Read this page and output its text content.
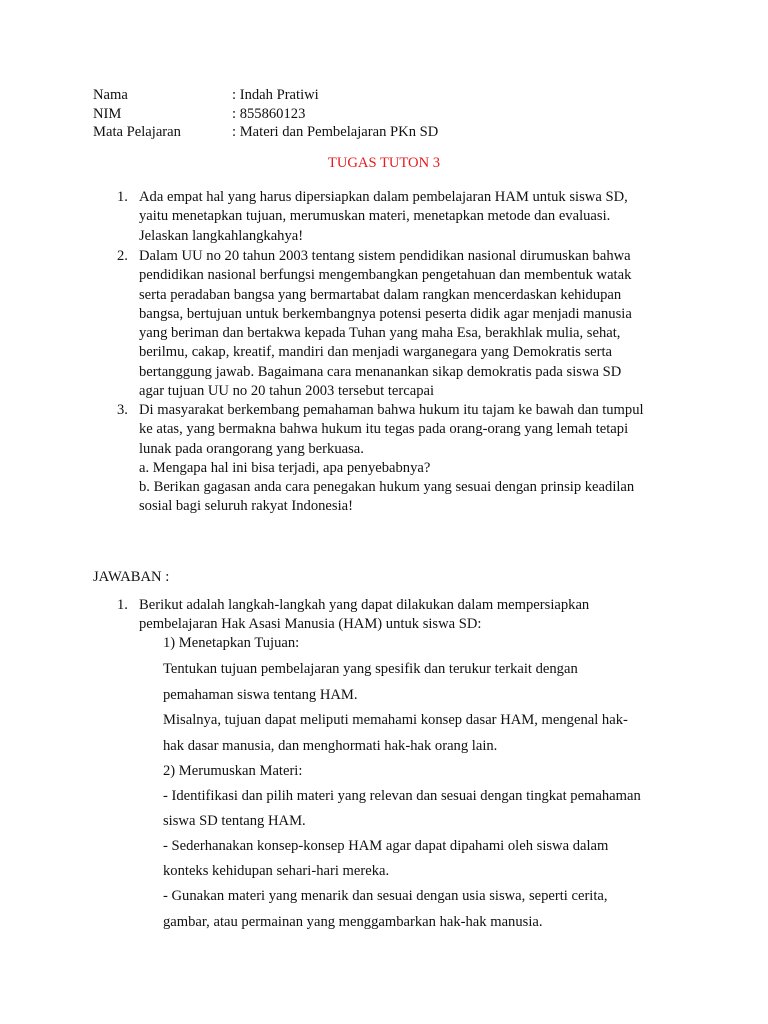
Nama	: Indah Pratiwi
NIM	: 855860123
Mata Pelajaran	: Materi dan Pembelajaran PKn SD
TUGAS TUTON 3
1. Ada empat hal yang harus dipersiapkan dalam pembelajaran HAM untuk siswa SD,
yaitu menetapkan tujuan, merumuskan materi, menetapkan metode dan evaluasi.
Jelaskan langkahlangkahya!
2. Dalam UU no 20 tahun 2003 tentang sistem pendidikan nasional dirumuskan bahwa
pendidikan nasional berfungsi mengembangkan pengetahuan dan membentuk watak
serta peradaban bangsa yang bermartabat dalam rangkan mencerdaskan kehidupan
bangsa, bertujuan untuk berkembangnya potensi peserta didik agar menjadi manusia
yang beriman dan bertakwa kepada Tuhan yang maha Esa, berakhlak mulia, sehat,
berilmu, cakap, kreatif, mandiri dan menjadi warganegara yang Demokratis serta
bertanggung jawab. Bagaimana cara menanankan sikap demokratis pada siswa SD
agar tujuan UU no 20 tahun 2003 tersebut tercapai
3. Di masyarakat berkembang pemahaman bahwa hukum itu tajam ke bawah dan tumpul
ke atas, yang bermakna bahwa hukum itu tegas pada orang-orang yang lemah tetapi
lunak pada orangorang yang berkuasa.
a. Mengapa hal ini bisa terjadi, apa penyebabnya?
b. Berikan gagasan anda cara penegakan hukum yang sesuai dengan prinsip keadilan
sosial bagi seluruh rakyat Indonesia!
JAWABAN :
1. Berikut adalah langkah-langkah yang dapat dilakukan dalam mempersiapkan
pembelajaran Hak Asasi Manusia (HAM) untuk siswa SD:
1) Menetapkan Tujuan:
Tentukan tujuan pembelajaran yang spesifik dan terukur terkait dengan
pemahaman siswa tentang HAM.
Misalnya, tujuan dapat meliputi memahami konsep dasar HAM, mengenal hak-
hak dasar manusia, dan menghormati hak-hak orang lain.
2) Merumuskan Materi:
- Identifikasi dan pilih materi yang relevan dan sesuai dengan tingkat pemahaman
siswa SD tentang HAM.
- Sederhanakan konsep-konsep HAM agar dapat dipahami oleh siswa dalam
konteks kehidupan sehari-hari mereka.
- Gunakan materi yang menarik dan sesuai dengan usia siswa, seperti cerita,
gambar, atau permainan yang menggambarkan hak-hak manusia.
